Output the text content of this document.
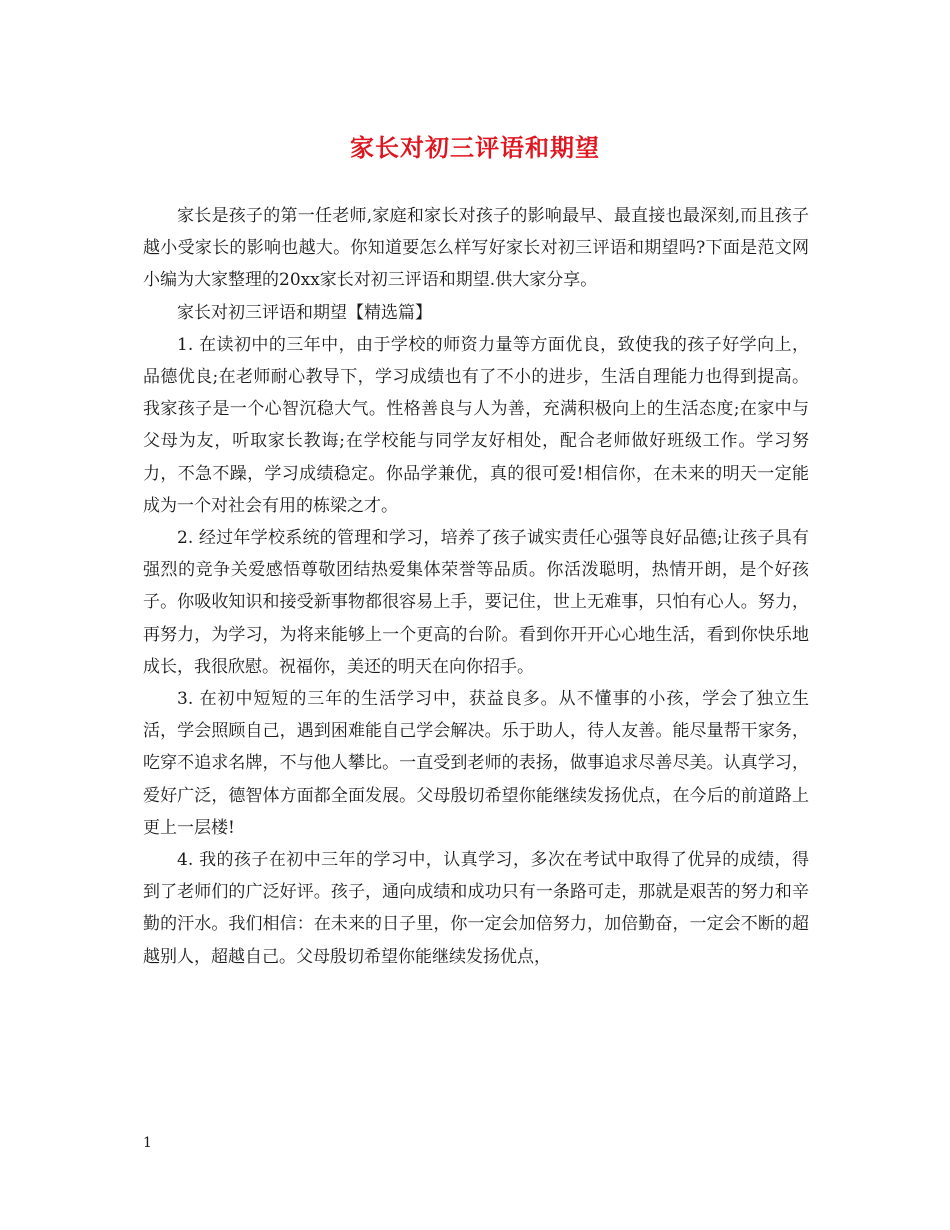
家长对初三评语和期望

家长是孩子的第一任老师,家庭和家长对孩子的影响最早、最直接也最深刻,而且孩子越小受家长的影响也越大。你知道要怎么样写好家长对初三评语和期望吗?下面是范文网小编为大家整理的20xx家长对初三评语和期望.供大家分享。

家长对初三评语和期望【精选篇】

1. 在读初中的三年中，由于学校的师资力量等方面优良，致使我的孩子好学向上，品德优良;在老师耐心教导下，学习成绩也有了不小的进步，生活自理能力也得到提高。我家孩子是一个心智沉稳大气。性格善良与人为善，充满积极向上的生活态度;在家中与父母为友，听取家长教诲;在学校能与同学友好相处，配合老师做好班级工作。学习努力，不急不躁，学习成绩稳定。你品学兼优，真的很可爱!相信你，在未来的明天一定能成为一个对社会有用的栋梁之才。

2. 经过年学校系统的管理和学习，培养了孩子诚实责任心强等良好品德;让孩子具有强烈的竞争关爱感悟尊敬团结热爱集体荣誉等品质。你活泼聪明，热情开朗，是个好孩子。你吸收知识和接受新事物都很容易上手，要记住，世上无难事，只怕有心人。努力，再努力，为学习，为将来能够上一个更高的台阶。看到你开开心心地生活，看到你快乐地成长，我很欣慰。祝福你，美还的明天在向你招手。

3. 在初中短短的三年的生活学习中，获益良多。从不懂事的小孩，学会了独立生活，学会照顾自己，遇到困难能自己学会解决。乐于助人，待人友善。能尽量帮干家务，吃穿不追求名牌，不与他人攀比。一直受到老师的表扬，做事追求尽善尽美。认真学习，爱好广泛，德智体方面都全面发展。父母殷切希望你能继续发扬优点，在今后的前道路上更上一层楼!

4. 我的孩子在初中三年的学习中，认真学习，多次在考试中取得了优异的成绩，得到了老师们的广泛好评。孩子，通向成绩和成功只有一条路可走，那就是艰苦的努力和辛勤的汗水。我们相信：在未来的日子里，你一定会加倍努力，加倍勤奋，一定会不断的超越别人，超越自己。父母殷切希望你能继续发扬优点，

1
